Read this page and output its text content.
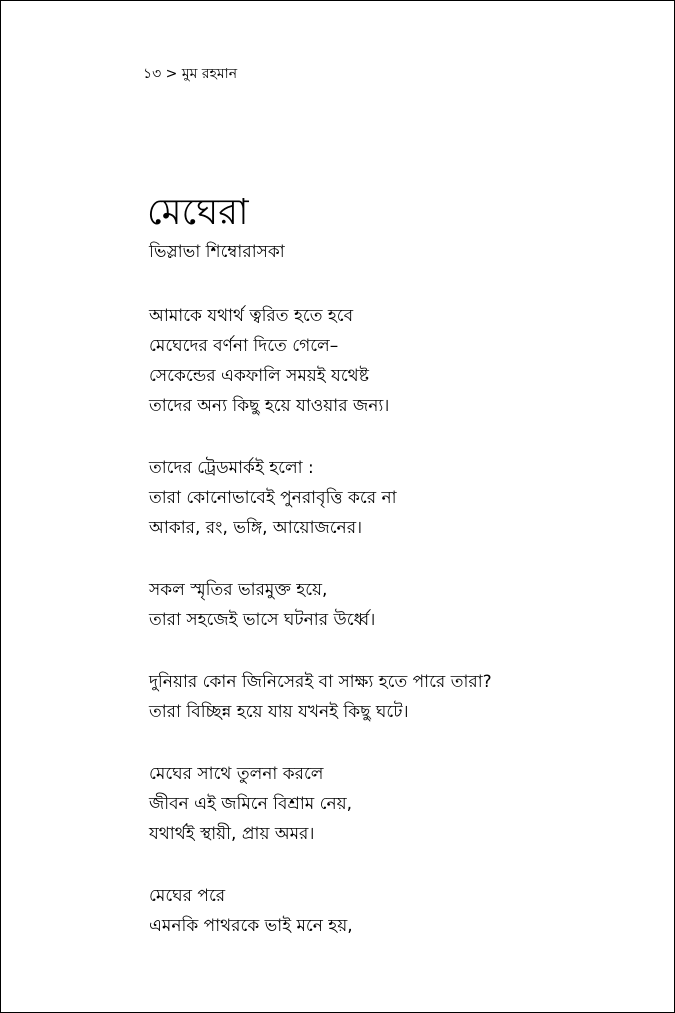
১৩ > মুম রহমান
মেঘেরা
ভিস্লাভা শিম্বোরাসকা
আমাকে যথার্থ ত্বরিত হতে হবে
মেঘেদের বর্ণনা দিতে গেলে–
সেকেন্ডের একফালি সময়ই যথেষ্ট
তাদের অন্য কিছু হয়ে যাওয়ার জন্য।
তাদের ট্রেডমার্কই হলো :
তারা কোনোভাবেই পুনরাবৃত্তি করে না
আকার, রং, ভঙ্গি, আয়োজনের।
সকল স্মৃতির ভারমুক্ত হয়ে,
তারা সহজেই ভাসে ঘটনার উর্ধ্বে।
দুনিয়ার কোন জিনিসেরই বা সাক্ষ্য হতে পারে তারা?
তারা বিচ্ছিন্ন হয়ে যায় যখনই কিছু ঘটে।
মেঘের সাথে তুলনা করলে
জীবন এই জমিনে বিশ্রাম নেয়,
যথার্থই স্থায়ী, প্রায় অমর।
মেঘের পরে
এমনকি পাথরকে ভাই মনে হয়,
